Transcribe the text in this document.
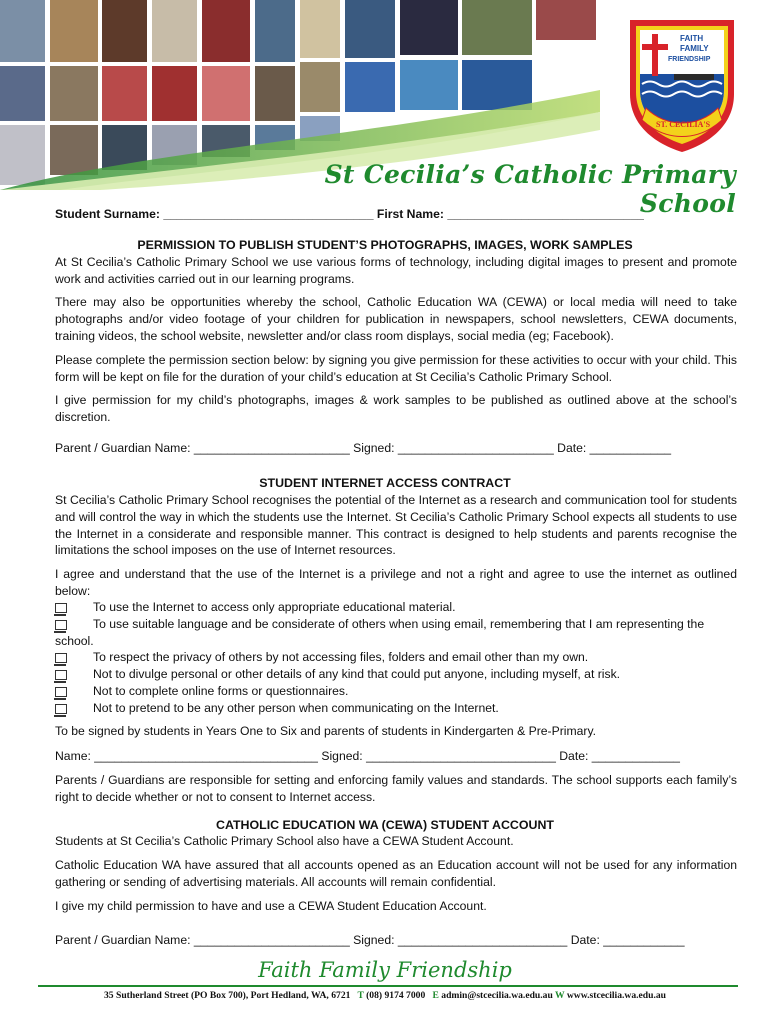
FAITH
FAMILY
FRIENDSHIP
ST. CECILIA'S
St Cecilia’s Catholic Primary School
Student Surname: _______________________________ First Name: _____________________________
PERMISSION TO PUBLISH STUDENT’S PHOTOGRAPHS, IMAGES, WORK SAMPLES
At St Cecilia’s Catholic Primary School we use various forms of technology, including digital images to present and promote work and activities carried out in our learning programs.
There may also be opportunities whereby the school, Catholic Education WA (CEWA) or local media will need to take photographs and/or video footage of your children for publication in newspapers, school newsletters, CEWA documents, training videos, the school website, newsletter and/or class room displays, social media (eg; Facebook).
Please complete the permission section below: by signing you give permission for these activities to occur with your child. This form will be kept on file for the duration of your child’s education at St Cecilia’s Catholic Primary School.
I give permission for my child’s photographs, images & work samples to be published as outlined above at the school’s discretion.
Parent / Guardian Name: _______________________ Signed: _______________________ Date: ____________
STUDENT INTERNET ACCESS CONTRACT
St Cecilia’s Catholic Primary School recognises the potential of the Internet as a research and communication tool for students and will control the way in which the students use the Internet. St Cecilia’s Catholic Primary School expects all students to use the Internet in a considerate and responsible manner. This contract is designed to help students and parents recognise the limitations the school imposes on the use of Internet resources.
I agree and understand that the use of the Internet is a privilege and not a right and agree to use the internet as outlined below:
To use the Internet to access only appropriate educational material.
To use suitable language and be considerate of others when using email, remembering that I am representing the school.
To respect the privacy of others by not accessing files, folders and email other than my own.
Not to divulge personal or other details of any kind that could put anyone, including myself, at risk.
Not to complete online forms or questionnaires.
Not to pretend to be any other person when communicating on the Internet.
To be signed by students in Years One to Six and parents of students in Kindergarten & Pre-Primary.
Name: _________________________________ Signed: ____________________________ Date: _____________
Parents / Guardians are responsible for setting and enforcing family values and standards. The school supports each family’s right to decide whether or not to consent to Internet access.
CATHOLIC EDUCATION WA (CEWA) STUDENT ACCOUNT
Students at St Cecilia’s Catholic Primary School also have a CEWA Student Account.
Catholic Education WA have assured that all accounts opened as an Education account will not be used for any information gathering or sending of advertising materials. All accounts will remain confidential.
I give my child permission to have and use a CEWA Student Education Account.
Parent / Guardian Name: _______________________ Signed: _________________________ Date: ____________
Faith Family Friendship
35 Sutherland Street (PO Box 700), Port Hedland, WA, 6721 T (08) 9174 7000 E admin@stcecilia.wa.edu.au W www.stcecilia.wa.edu.au
